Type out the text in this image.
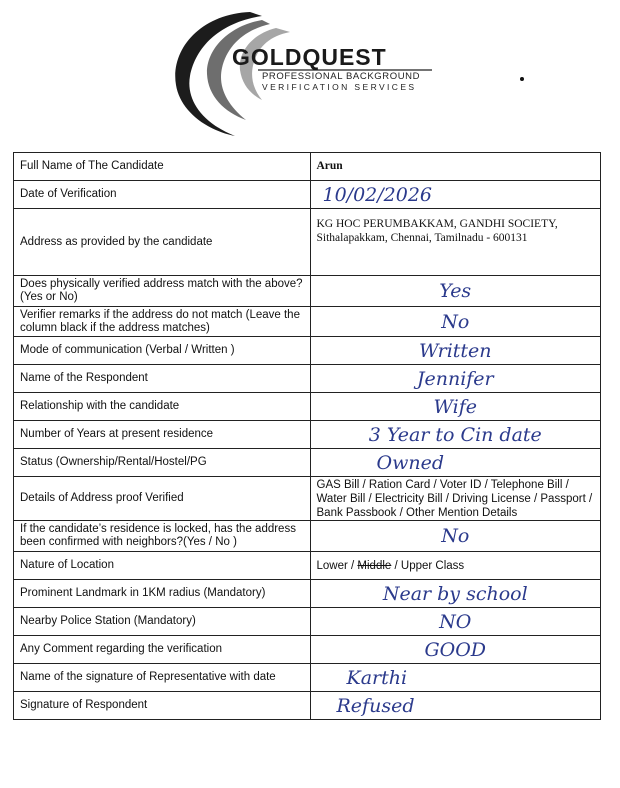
GOLDQUEST
PROFESSIONAL BACKGROUND
VERIFICATION SERVICES
Full Name of The Candidate	Arun
Date of Verification	10/02/2026

Address as provided by the candidate	KG HOC PERUMBAKKAM, GANDHI SOCIETY,
Sithalapakkam, Chennai, Tamilnadu - 600131

Does physically verified address match with the above? (Yes or No)	Yes

Verifier remarks if the address do not match (Leave the column black if the address matches)	No

Mode of communication (Verbal / Written )	Written

Name of the Respondent	Jennifer

Relationship with the candidate	Wife

Number of Years at present residence	3 Year to Cin date

Status (Ownership/Rental/Hostel/PG	Owned

Details of Address proof Verified	GAS Bill / Ration Card / Voter ID / Telephone Bill / Water Bill / Electricity Bill / Driving License / Passport / Bank Passbook / Other Mention Details
If the candidate’s residence is locked, has the address been confirmed with neighbors?(Yes / No )	No

Nature of Location	Lower / Middle / Upper Class
Prominent Landmark in 1KM radius (Mandatory)	Near by school

Nearby Police Station (Mandatory)	NO

Any Comment regarding the verification	GOOD

Name of the signature of Representative with date	Karthi

Signature of Respondent	Refused
